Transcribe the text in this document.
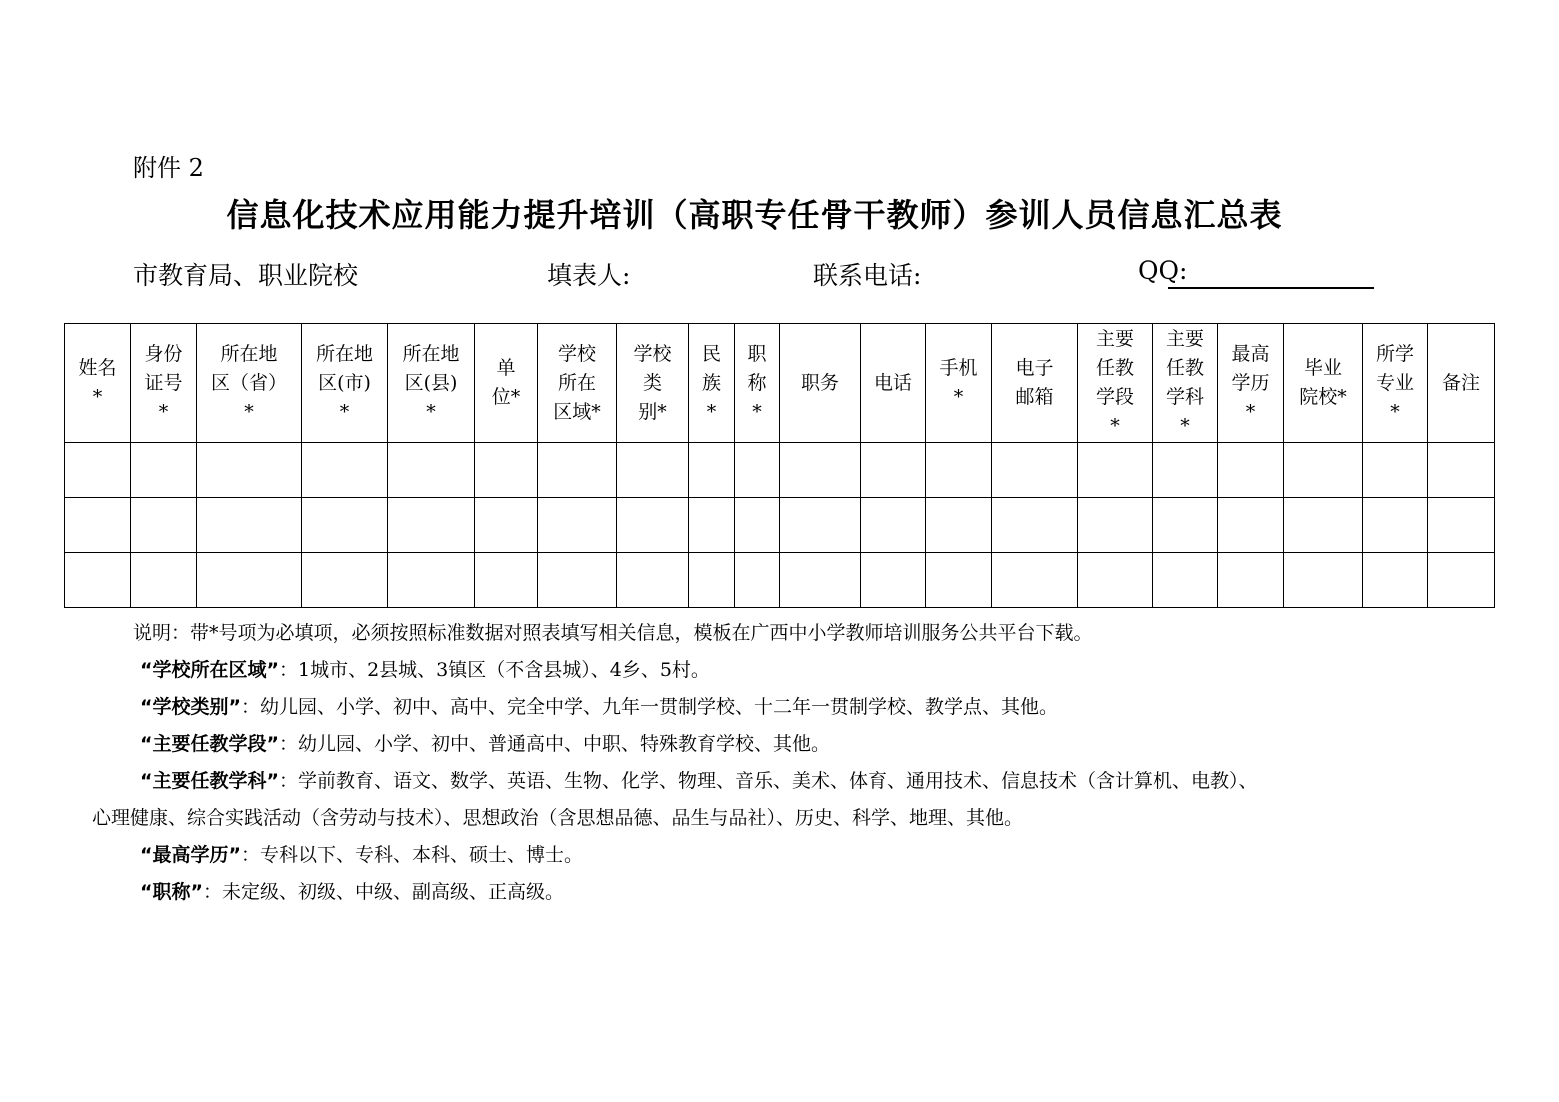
附件 2
信息化技术应用能力提升培训（高职专任骨干教师）参训人员信息汇总表
市教育局、职业院校	填表人:	联系电话:	QQ:
姓名
*	身份
证号
*	所在地
区（省）
*	所在地
区(市)
*	所在地
区(县)
*	单
位*	学校
所在
区域*	学校
类
别*	民
族
*	职
称
*	职务	电话	手机
*	电子
邮箱	主要
任教
学段
*	主要
任教
学科
*	最高
学历
*	毕业
院校*	所学
专业
*	备注

说明：带*号项为必填项，必须按照标准数据对照表填写相关信息，模板在广西中小学教师培训服务公共平台下载。
“学校所在区域”：1城市、2县城、3镇区（不含县城）、4乡、5村。
“学校类别”：幼儿园、小学、初中、高中、完全中学、九年一贯制学校、十二年一贯制学校、教学点、其他。
“主要任教学段”：幼儿园、小学、初中、普通高中、中职、特殊教育学校、其他。
“主要任教学科”：学前教育、语文、数学、英语、生物、化学、物理、音乐、美术、体育、通用技术、信息技术（含计算机、电教）、
心理健康、综合实践活动（含劳动与技术）、思想政治（含思想品德、品生与品社）、历史、科学、地理、其他。
“最高学历”：专科以下、专科、本科、硕士、博士。
“职称”：未定级、初级、中级、副高级、正高级。
